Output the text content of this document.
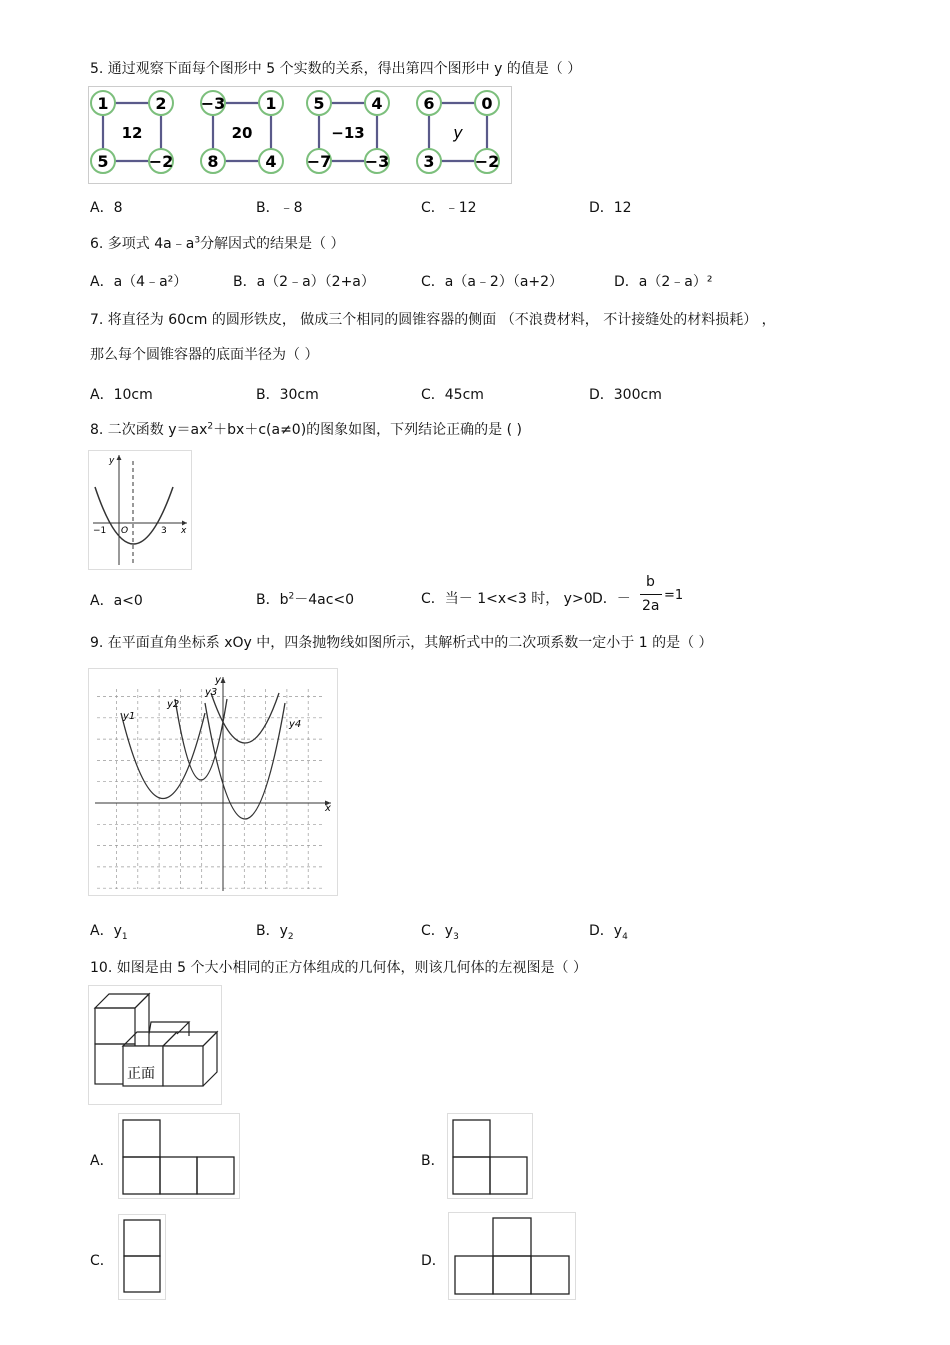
5. 通过观察下面每个图形中 5 个实数的关系，得出第四个图形中 y 的值是（ ）
1	2
5	−2
12
−3	1
8	4
20
5	4
−7 −3
−13
6	0
3	−2
y
A．8	B．﹣8	C．﹣12	D．12
6. 多项式 $4a﹣a^3$分解因式的结果是（ ）
A．a（4﹣a²）	B．a（2﹣a）（2+a）	C．a（a﹣2）（a+2）	D．a（2﹣a）²
7. 将直径为 60cm 的圆形铁皮， 做成三个相同的圆锥容器的侧面 （不浪费材料， 不计接缝处的材料损耗） ，
那么每个圆锥容器的底面半径为（ ）
A．10cm	B．30cm	C．45cm	D．300cm
8. 二次函数 $y=ax^2+bx+c(a\ne 0)$的图象如图，下列结论正确的是 ( )
y
x
O
−1	3
A．a<0	B．$b^2-4ac<0$	C．当－ 1<x<3 时， y>0 D．－
b
2a
=1
9. 在平面直角坐标系 xOy 中，四条抛物线如图所示，其解析式中的二次项系数一定小于 1 的是（ ）
y1
y2
y3
y4
y
x
A．$y_1$	B．$y_2$	C．$y_3$	D．$y_4$
10. 如图是由 5 个大小相同的正方体组成的几何体，则该几何体的左视图是（ ）
正面
A．	B．
C．	D．
